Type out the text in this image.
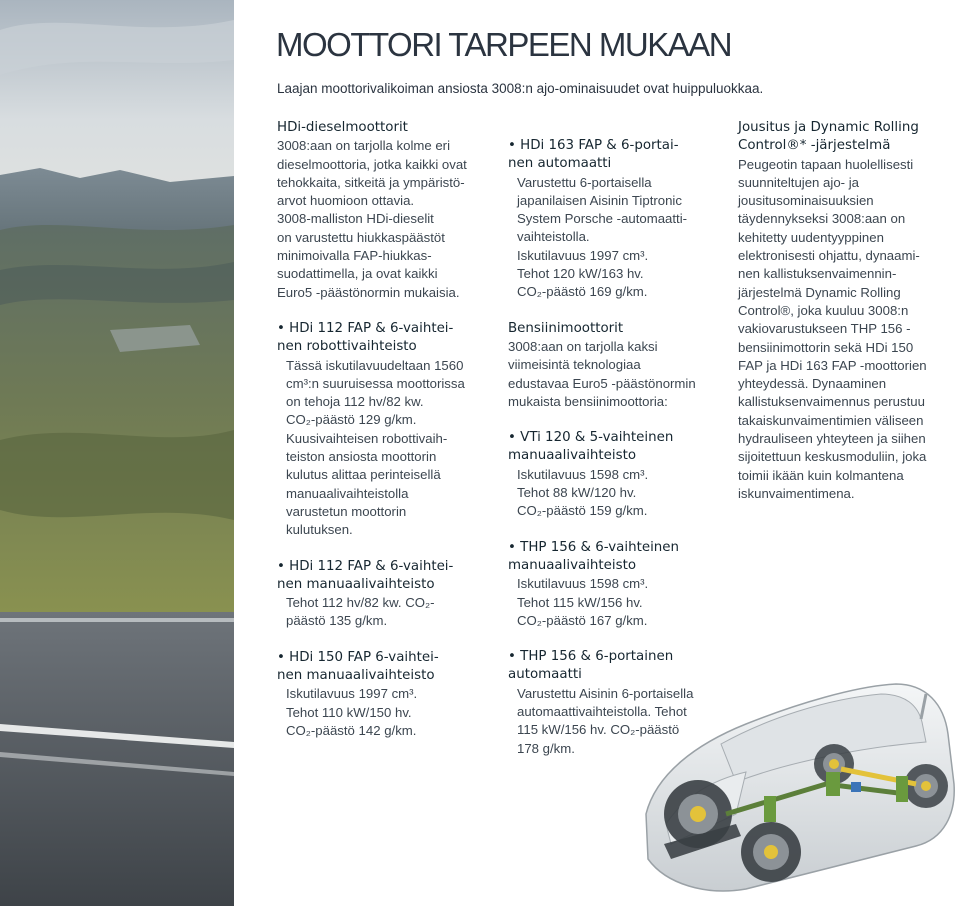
MOOTTORI TARPEEN MUKAAN

Laajan moottorivalikoiman ansiosta 3008:n ajo-ominaisuudet ovat huippuluokkaa.

HDi-dieselmoottorit

3008:aan on tarjolla kolme eri
dieselmoottoria, jotka kaikki ovat
tehokkaita, sitkeitä ja ympäristö-
arvot huomioon ottavia.
3008-malliston HDi-dieselit
on varustettu hiukkaspäästöt
minimoivalla FAP-hiukkas-
suodattimella, ja ovat kaikki
Euro5 -päästönormin mukaisia.

• HDi 112 FAP & 6-vaihtei-
nen robottivaihteisto

Tässä iskutilavuudeltaan 1560
cm³:n suuruisessa moottorissa
on tehoja 112 hv/82 kw.
CO₂-päästö 129 g/km.
Kuusivaihteisen robottivaih-
teiston ansiosta moottorin
kulutus alittaa perinteisellä
manuaalivaihteistolla
varustetun moottorin
kulutuksen.

• HDi 112 FAP & 6-vaihtei-
nen manuaalivaihteisto

Tehot 112 hv/82 kw. CO₂-
päästö 135 g/km.

• HDi 150 FAP 6-vaihtei-
nen manuaalivaihteisto

Iskutilavuus 1997 cm³.
Tehot 110 kW/150 hv.
CO₂-päästö 142 g/km.

• HDi 163 FAP & 6-portai-
nen automaatti

Varustettu 6-portaisella
japanilaisen Aisinin Tiptronic
System Porsche -automaatti-
vaihteistolla.
Iskutilavuus 1997 cm³.
Tehot 120 kW/163 hv.
CO₂-päästö 169 g/km.

Bensiinimoottorit

3008:aan on tarjolla kaksi
viimeisintä teknologiaa
edustavaa Euro5 -päästönormin
mukaista bensiinimoottoria:

• VTi 120 & 5-vaihteinen
manuaalivaihteisto

Iskutilavuus 1598 cm³.
Tehot 88 kW/120 hv.
CO₂-päästö 159 g/km.

• THP 156 & 6-vaihteinen
manuaalivaihteisto

Iskutilavuus 1598 cm³.
Tehot 115 kW/156 hv.
CO₂-päästö 167 g/km.

• THP 156 & 6-portainen
automaatti

Varustettu Aisinin 6-portaisella
automaattivaihteistolla. Tehot
115 kW/156 hv. CO₂-päästö
178 g/km.

Jousitus ja Dynamic Rolling
Control®* -järjestelmä

Peugeotin tapaan huolellisesti
suunniteltujen ajo- ja
jousitusominaisuuksien
täydennykseksi 3008:aan on
kehitetty uudentyyppinen
elektronisesti ohjattu, dynaami-
nen kallistuksenvaimennin-
järjestelmä Dynamic Rolling
Control®, joka kuuluu 3008:n
vakiovarustukseen THP 156 -
bensiinimottorin sekä HDi 150
FAP ja HDi 163 FAP -moottorien
yhteydessä. Dynaaminen
kallistuksenvaimennus perustuu
takaiskunvaimentimien väliseen
hydrauliseen yhteyteen ja siihen
sijoitettuun keskusmoduliin, joka
toimii ikään kuin kolmantena
iskunvaimentimena.
